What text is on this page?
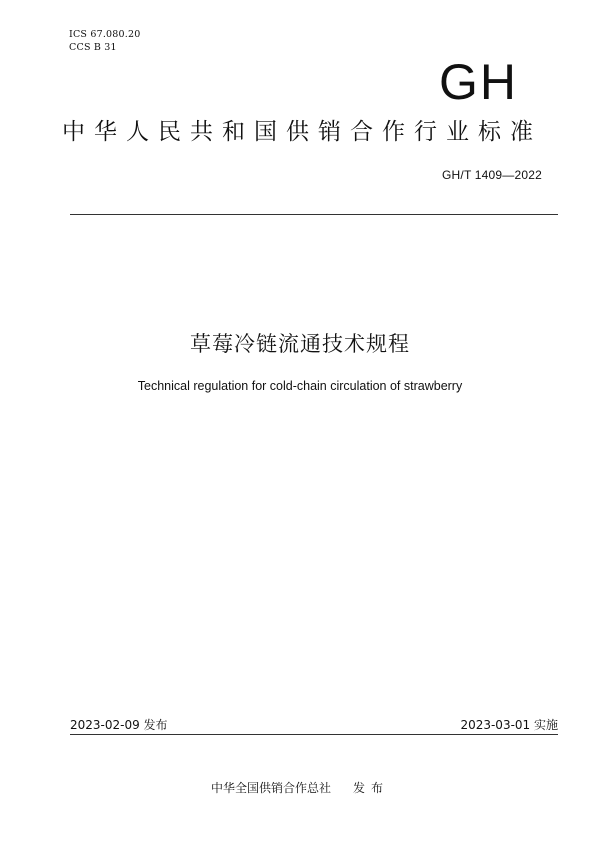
ICS 67.080.20
CCS B 31
GH
中华人民共和国供销合作行业标准
GH/T 1409—2022
草莓冷链流通技术规程
Technical regulation for cold-chain circulation of strawberry
2023-02-09 发布	2023-03-01 实施
中华全国供销合作总社 发布
